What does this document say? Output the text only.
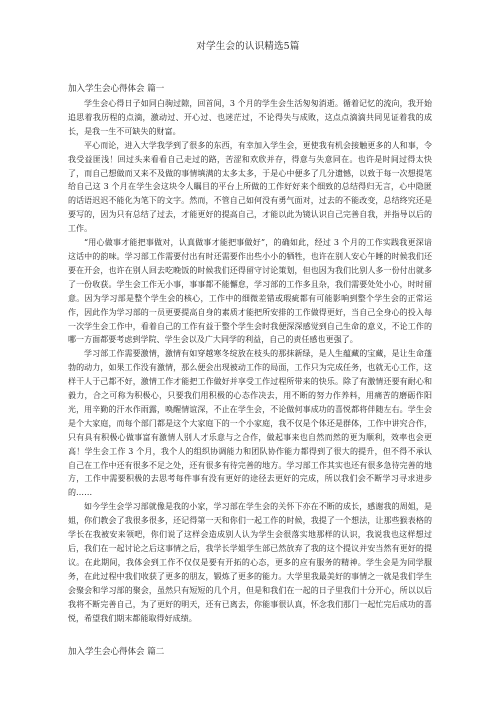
对学生会的认识精选5篇
加入学生会心得体会 篇一

学生会心得日子如同白驹过隙，回首间，3 个月的学生会生活匆匆消逝。循着记忆的流向，我开始追思着我历程的点滴，激动过、开心过、也迷茫过，不论得失与成败，这点点滴滴共同见证着我的成长，是我一生不可缺失的财富。

平心而论，进入大学我学到了很多的东西，有幸加入学生会，更使我有机会接触更多的人和事，令我受益匪浅！回过头来看看自己走过的路，苦涩和欢欣并存，得意与失意同在。也许是时间过得太快了，而自己想做而又来不及做的事情填满的太多太多，于是心中便多了几分遗憾，以致于每一次想提笔给自己这 3 个月在学生会这块令人瞩目的平台上所做的工作好好来个细致的总结得归无言，心中隐匿的话语迟迟不能化为笔下的文字。然而，不管自己如何没有勇气面对，过去的不能改变，总结终究还是要写的，因为只有总结了过去，才能更好的提高自己，才能以此为镜认识自己完善自我，并指导以后的工作。

“用心做事才能把事做对，认真做事才能把事做好”，的确如此，经过 3 个月的工作实践我更深谙这话中的韵味。学习部工作需要付出有时还需要作出些小小的牺牲，也许在别人安心午睡的时候我们还要在开会，也许在别人回去吃晚饭的时候我们还得留守讨论策划，但也因为我们比别人多一份付出就多了一份收获。学生会工作无小事，事事都不能懈怠，学习部的工作多且杂，我们需要处处小心，时时留意。因为学习部是整个学生会的核心，工作中的细微差错或瑕疵都有可能影响到整个学生会的正常运作，因此作为学习部的一员更要提高自身的素质才能把所安排的工作做得更好，当自己全身心的投入每一次学生会工作中，看着自己的工作有益于整个学生会时我便深深感觉到自己生命的意义，不论工作的哪一方面都要考虑到学院、学生会以及广大同学的利益，自己的责任感也更强了。

学习部工作需要激情，激情有如穿越寒冬绽放在枝头的那抹新绿，是人生蕴藏的宝藏，是让生命蓬勃的动力，如果工作没有激情，那么便会出现被动工作的局面，工作只为完成任务，也就无心工作，这样干人于己都不好，激情工作才能把工作做好并享受工作过程所带来的快乐。除了有激情还要有耐心和毅力，合之可称为积极心，只要我们用积极的心态作决去，用不断的努力作养料，用痛苦的磨砺作阳光，用辛勤的汗水作雨露，唤醒情谊深，不止在学生会，不论做何事成功的喜悦都将伴随左右。学生会是个大家庭，而每个部门都是这个大家庭下的一个小家庭，我不仅是个体还是群体，工作中讲究合作，只有具有积极心做事富有激情人别人才乐意与之合作，做起事来也自然而然的更为顺利，效率也会更高！学生会工作 3 个月，我个人的组织协调能力和团队协作能力都得到了很大的提升，但不得不承认自己在工作中还有很多不足之处，还有很多有待完善的地方。学习部工作其实也还有很多急待完善的地方，工作中需要积极的去思考每件事有没有更好的途径去更好的完成，所以我们会不断学习寻求进步的……

如今学生会学习部就像是我的小家，学习部在学生会的关怀下亦在不断的成长，感谢我的周姐，是姐，你们教会了我很多很多，还记得第一天和你们一起工作的时候，我提了一个想法，让那些猴表格的学长在我被安来领吧，你们说了这样会造成别人认为学生会很落实地那样的认识，我说我也这样想过后，我们在一起讨论之后这事情之后，我学长学姐学生部已然放弃了我的这个提议并安当然有更好的提议。在此期间，我体会到工作不仅仅是要有开拓的心态，更多的应有服务的精神。学生会是为同学服务，在此过程中我们收获了更多的朋友，锻炼了更多的能力。大学里我最美好的事情之一就是我们学生会聚会和学习部的聚会，虽然只有短短的几个月，但是和我们在一起的日子里我们十分开心，所以以后我将不断完善自己，为了更好的明天，还有已离去，你能事很认真，怀念我们那门一起忙完后成功的喜悦，希望我们期末都能取得好成绩。

加入学生会心得体会 篇二
